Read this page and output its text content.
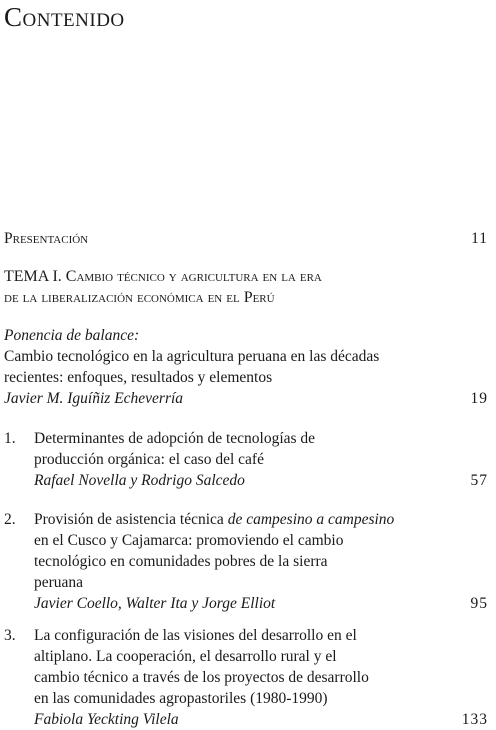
Contenido
Presentación	11
TEMA I. Cambio técnico y agricultura en la era
de la liberalización económica en el Perú
Ponencia de balance:
Cambio tecnológico en la agricultura peruana en las décadas
recientes: enfoques, resultados y elementos
Javier M. Iguíñiz Echeverría	19
1.	Determinantes de adopción de tecnologías de
producción orgánica: el caso del café
Rafael Novella y Rodrigo Salcedo	57
2.	Provisión de asistencia técnica de campesino a campesino
en el Cusco y Cajamarca: promoviendo el cambio
tecnológico en comunidades pobres de la sierra
peruana
Javier Coello, Walter Ita y Jorge Elliot	95
3.	La configuración de las visiones del desarrollo en el
altiplano. La cooperación, el desarrollo rural y el
cambio técnico a través de los proyectos de desarrollo
en las comunidades agropastoriles (1980-1990)
Fabiola Yeckting Vilela	133
